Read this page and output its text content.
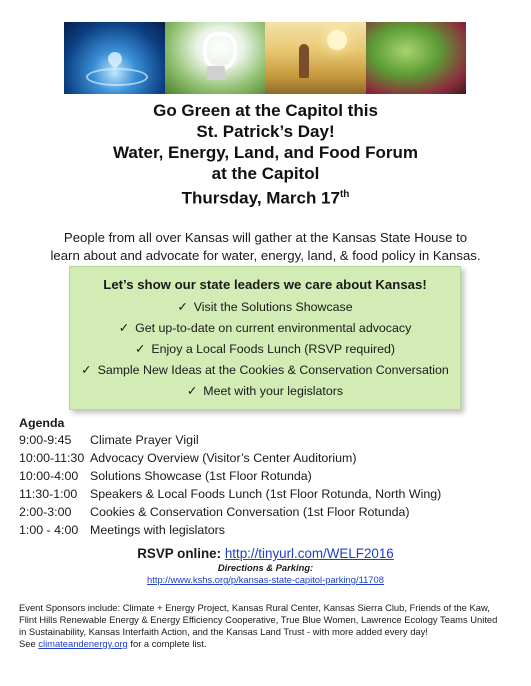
Go Green at the Capitol this
St. Patrick’s Day!
Water, Energy, Land, and Food Forum
at the Capitol
Thursday, March 17th
People from all over Kansas will gather at the Kansas State House to
learn about and advocate for water, energy, land, & food policy in Kansas.
Let’s show our state leaders we care about Kansas!
✓ Visit the Solutions Showcase
✓ Get up-to-date on current environmental advocacy
✓ Enjoy a Local Foods Lunch (RSVP required)
✓ Sample New Ideas at the Cookies & Conservation Conversation
✓ Meet with your legislators
Agenda
9:00-9:45	Climate Prayer Vigil
10:00-11:30 Advocacy Overview (Visitor’s Center Auditorium)
10:00-4:00 Solutions Showcase (1st Floor Rotunda)
11:30-1:00	Speakers & Local Foods Lunch (1st Floor Rotunda, North Wing)
2:00-3:00	Cookies & Conservation Conversation (1st Floor Rotunda)
1:00 - 4:00 Meetings with legislators
RSVP online: http://tinyurl.com/WELF2016
Directions & Parking:
http://www.kshs.org/p/kansas-state-capitol-parking/11708
Event Sponsors include: Climate + Energy Project, Kansas Rural Center, Kansas Sierra Club, Friends of the Kaw,
Flint Hills Renewable Energy & Energy Efficiency Cooperative, True Blue Women, Lawrence Ecology Teams United
in Sustainability, Kansas Interfaith Action, and the Kansas Land Trust - with more added every day!
See climateandenergy.org for a complete list.
